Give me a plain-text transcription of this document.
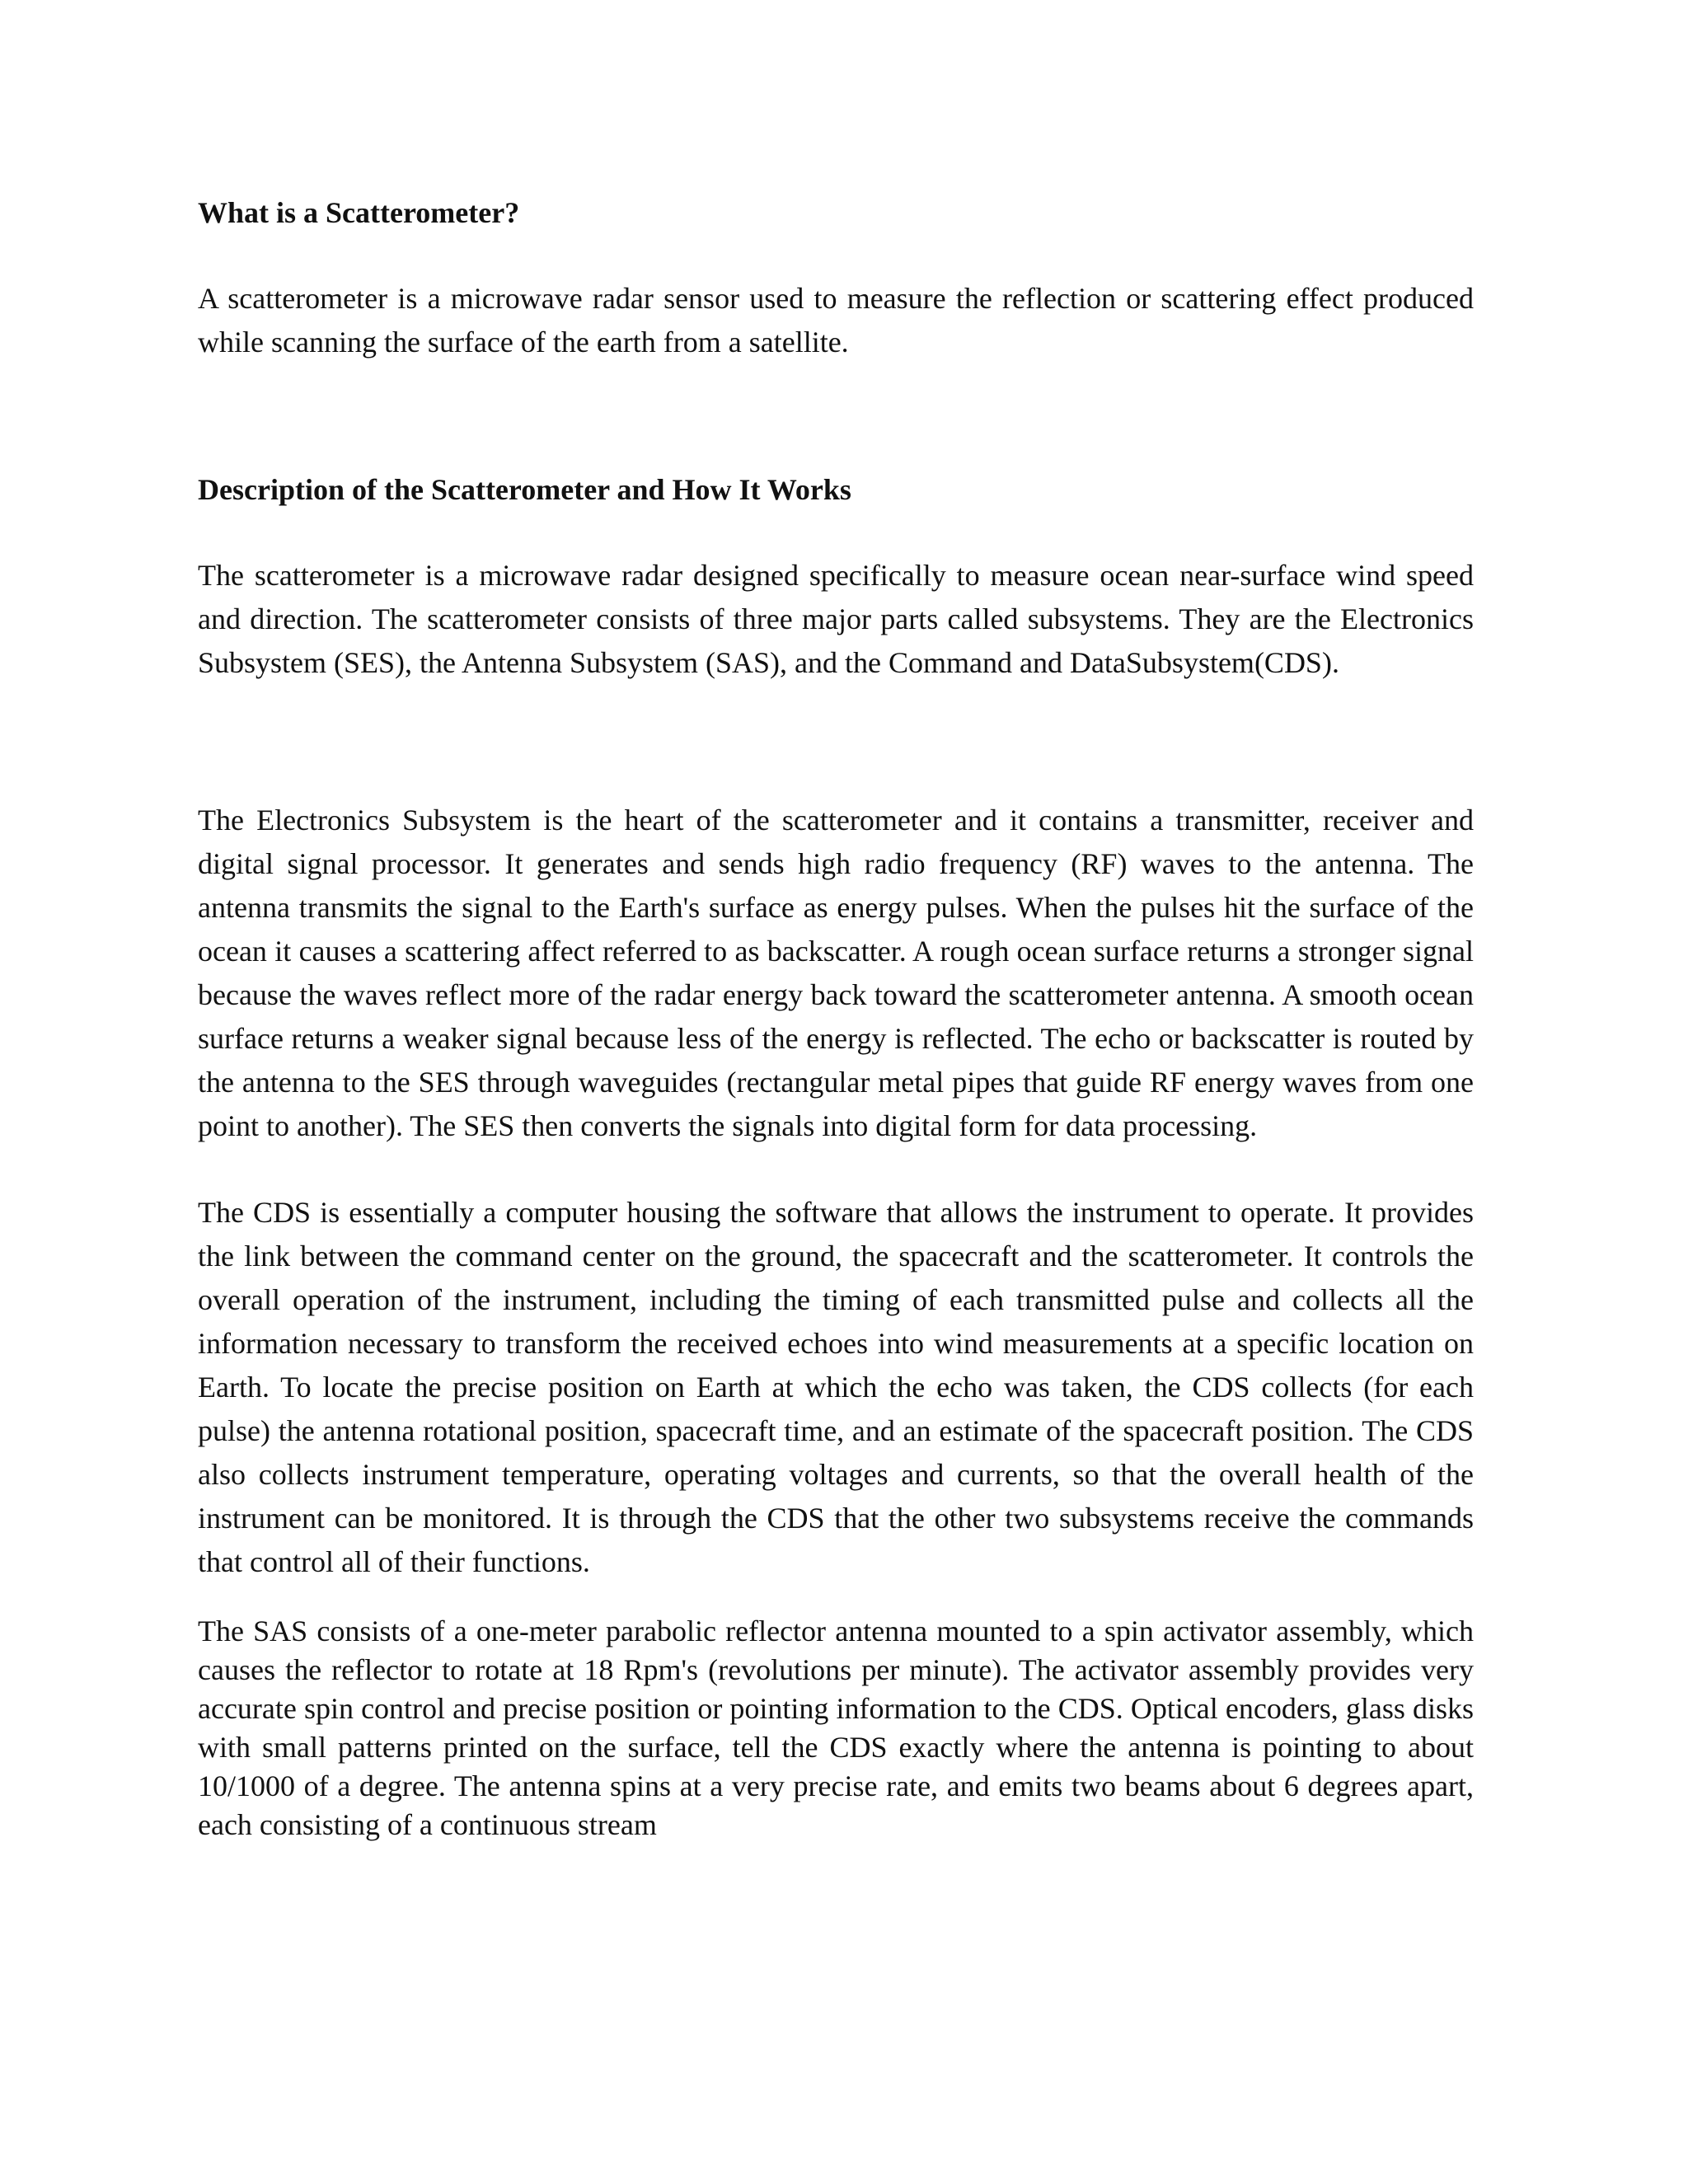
What is a Scatterometer?

A scatterometer is a microwave radar sensor used to measure the reflection or scattering effect produced while scanning the surface of the earth from a satellite.

Description of the Scatterometer and How It Works

The scatterometer is a microwave radar designed specifically to measure ocean near-surface wind speed and direction. The scatterometer consists of three major parts called subsystems. They are the Electronics Subsystem (SES), the Antenna Subsystem (SAS), and the Command and DataSubsystem(CDS).

The Electronics Subsystem is the heart of the scatterometer and it contains a transmitter, receiver and digital signal processor. It generates and sends high radio frequency (RF) waves to the antenna. The antenna transmits the signal to the Earth's surface as energy pulses. When the pulses hit the surface of the ocean it causes a scattering affect referred to as backscatter. A rough ocean surface returns a stronger signal because the waves reflect more of the radar energy back toward the scatterometer antenna. A smooth ocean surface returns a weaker signal because less of the energy is reflected. The echo or backscatter is routed by the antenna to the SES through waveguides (rectangular metal pipes that guide RF energy waves from one point to another). The SES then converts the signals into digital form for data processing.

The CDS is essentially a computer housing the software that allows the instrument to operate. It provides the link between the command center on the ground, the spacecraft and the scatterometer. It controls the overall operation of the instrument, including the timing of each transmitted pulse and collects all the information necessary to transform the received echoes into wind measurements at a specific location on Earth. To locate the precise position on Earth at which the echo was taken, the CDS collects (for each pulse) the antenna rotational position, spacecraft time, and an estimate of the spacecraft position. The CDS also collects instrument temperature, operating voltages and currents, so that the overall health of the instrument can be monitored. It is through the CDS that the other two subsystems receive the commands that control all of their functions.

The SAS consists of a one-meter parabolic reflector antenna mounted to a spin activator assembly, which causes the reflector to rotate at 18 Rpm's (revolutions per minute). The activator assembly provides very accurate spin control and precise position or pointing information to the CDS. Optical encoders, glass disks with small patterns printed on the surface, tell the CDS exactly where the antenna is pointing to about 10/1000 of a degree. The antenna spins at a very precise rate, and emits two beams about 6 degrees apart, each consisting of a continuous stream
